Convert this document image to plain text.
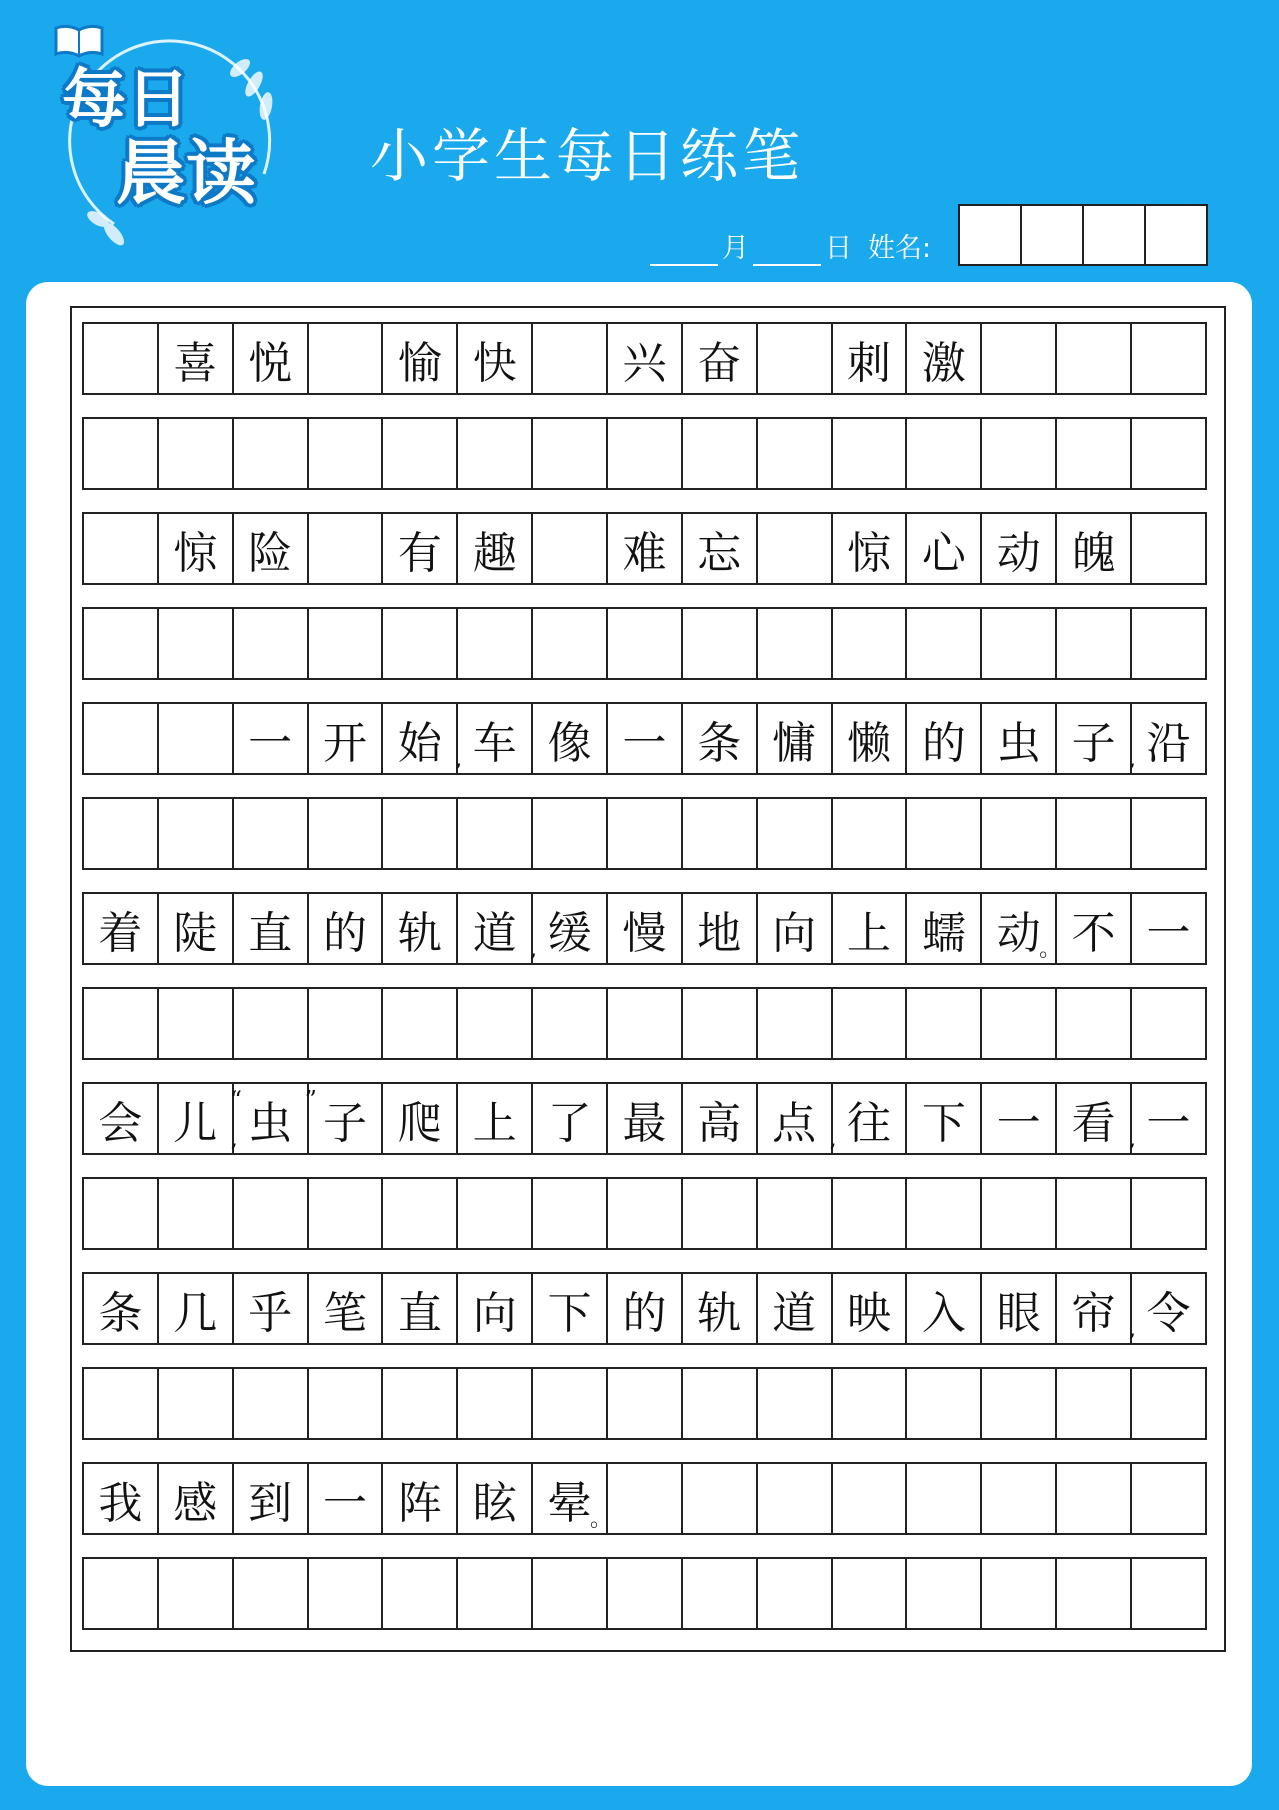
每日
晨读 小学生每日练笔
月	日 姓名:
喜 悦 愉 快 兴 奋 刺 激
惊 险 有 趣 难 忘 惊 心 动 魄
一 开 始 , 车 像 一 条 慵 懒 的 虫 子 , 沿
着 陡 直 的 轨 道 , 缓 慢 地 向 上 蠕 动
。 不 一
会 儿 , 虫
“ 子
” 爬 上 了 最 高 点 , 往 下 一 看 , 一
条 几 乎 笔 直 向 下 的 轨 道 映 入 眼 帘 , 令
我 感 到 一 阵 眩 晕
。
